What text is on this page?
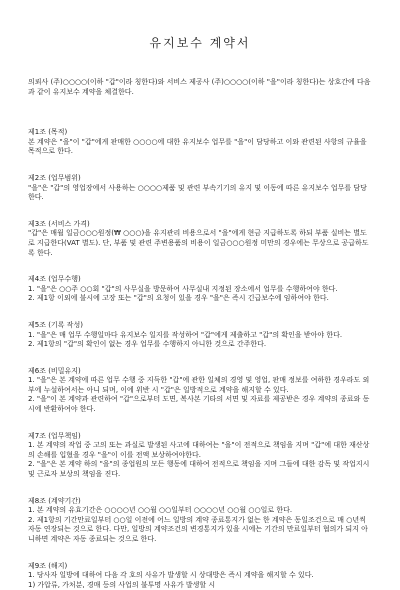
유지보수 계약서

의뢰사 (주)○○○○(이하 "갑"이라 칭한다)와 서비스 제공사 (주)○○○○(이하 "을"이라 칭한다)는 상호간에 다음과 같이 유지보수 계약을 체결한다.

제1조 (목적)

본 계약은 "을"이 "갑"에게 판매한 ○○○○에 대한 유지보수 업무를 "을"이 담당하고 이와 관련된 사항의 규율을 목적으로 한다.

제2조 (업무범위)

"을"은 "갑"의 영업장에서 사용하는 ○○○○제품 및 관련 부속기기의 유지 및 이동에 따른 유지보수 업무를 담당한다.

제3조 (서비스 가격)

"갑"은 매월 일금○○○원정(₩ ○○○)을 유지관리 비용으로서 "을"에게 현금 지급하도록 하되 부품 실비는 별도로 지급한다(VAT 별도). 단, 부품 및 관련 주변용품의 비용이 일금○○○원정 미만의 경우에는 무상으로 공급하도록 한다.

제4조 (업무수행)

1. "을"은 ○○주 ○○회 "갑"의 사무실을 방문하여 사무실내 지정된 장소에서 업무를 수행하여야 한다.

2. 제1항 이외에 불시에 고장 또는 "갑"의 요청이 있을 경우 "을"은 즉시 긴급보수에 임하여야 한다.

제5조 (기록 작성)

1. "을"은 매 업무 수행일마다 유지보수 일지를 작성하여 "갑"에게 제출하고 "갑"의 확인을 받아야 한다.

2. 제1항의 "갑"의 확인이 없는 경우 업무를 수행하지 아니한 것으로 간주한다.

제6조 (비밀유지)

1. "을"은 본 계약에 따른 업무 수행 중 지득한 "갑"에 관한 일체의 경영 및 영업, 판매 정보를 여하한 경우라도 외부에 누설하여서는 아니 되며, 이에 위반 시 "갑"은 일방적으로 계약을 해지할 수 있다.

2. "을"이 본 계약과 관련하여 "갑"으로부터 도면, 복사본 기타의 서면 및 자료를 제공받은 경우 계약의 종료와 동시에 반환하여야 한다.

제7조 (업무책임)

1. 본 계약의 작업 중 고의 또는 과실로 발생된 사고에 대하여는 "을"이 전적으로 책임을 지며 "갑"에 대한 재산상의 손해를 입혔을 경우 "을"이 이를 전액 보상하여야한다.

2. "을"은 본 계약 하의 "을"의 종업원의 모든 행동에 대하여 전적으로 책임을 지며 그들에 대한 감독 및 작업지시 및 근로자 보상의 책임을 진다.

제8조 (계약기간)

1. 본 계약의 유효기간은 ○○○○년 ○○월 ○○일부터 ○○○○년 ○○월 ○○일로 한다.

2. 제1항의 기간만료일부터 ○○일 이전에 어느 일방의 계약 종료통지가 없는 한 계약은 동일조건으로 매 ○년씩 자동 연장되는 것으로 한다. 다만, 일방의 계약조건의 변경통지가 있을 시에는 기간의 만료일부터 협의가 되지 아니하면 계약은 자동 종료되는 것으로 한다.

제9조 (해지)

1. 당사자 일방에 대하여 다음 각 호의 사유가 발생할 시 상대방은 즉시 계약을 해지할 수 있다.

1) 가압류, 가처분, 경매 등의 사업의 불투명 사유가 발생할 시
